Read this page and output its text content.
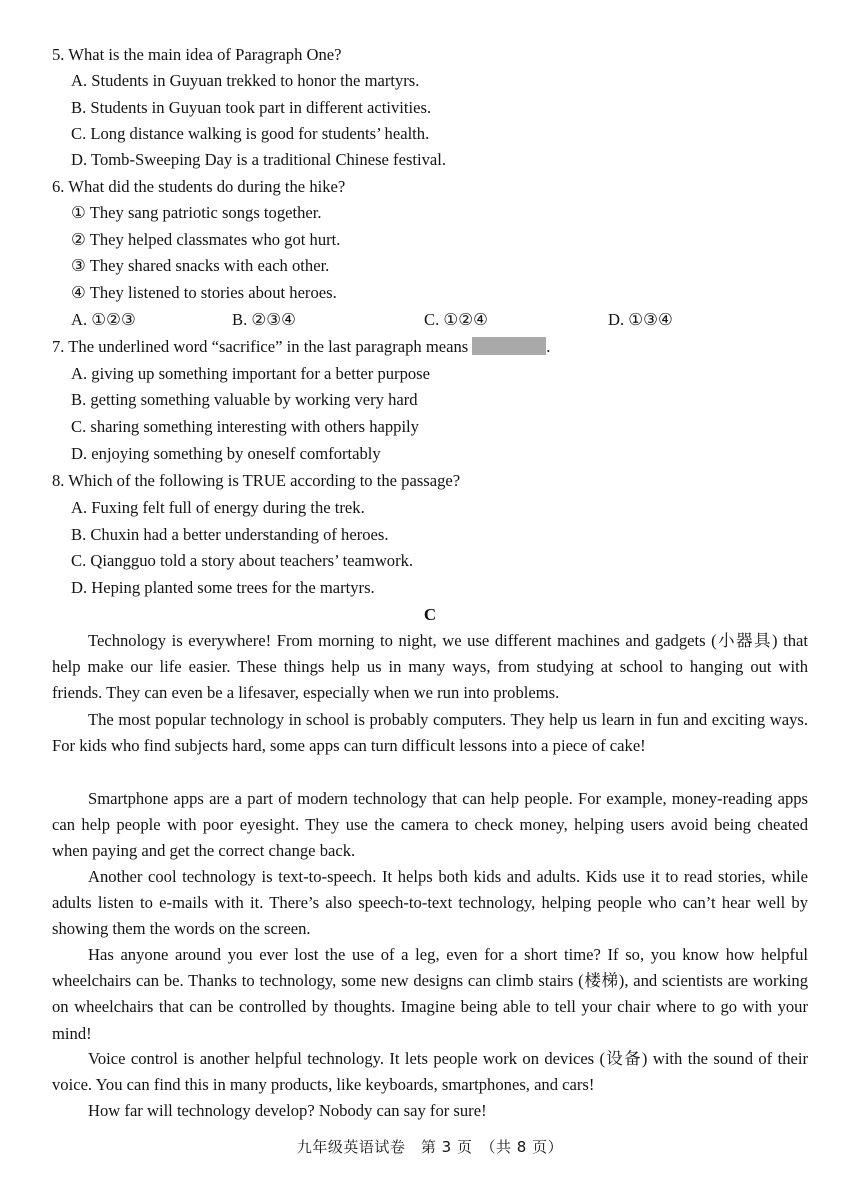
5. What is the main idea of Paragraph One?
A. Students in Guyuan trekked to honor the martyrs.
B. Students in Guyuan took part in different activities.
C. Long distance walking is good for students’ health.
D. Tomb-Sweeping Day is a traditional Chinese festival.
6. What did the students do during the hike?
① They sang patriotic songs together.
② They helped classmates who got hurt.
③ They shared snacks with each other.
④ They listened to stories about heroes.
A. ①②③	B. ②③④	C. ①②④	D. ①③④
7. The underlined word “sacrifice” in the last paragraph means	.
A. giving up something important for a better purpose
B. getting something valuable by working very hard
C. sharing something interesting with others happily
D. enjoying something by oneself comfortably
8. Which of the following is TRUE according to the passage?
A. Fuxing felt full of energy during the trek.
B. Chuxin had a better understanding of heroes.
C. Qiangguo told a story about teachers’ teamwork.
D. Heping planted some trees for the martyrs.
C
Technology is everywhere! From morning to night, we use different machines and gadgets (小器具) that help make our life easier. These things help us in many ways, from studying at school to hanging out with friends. They can even be a lifesaver, especially when we run into problems.
The most popular technology in school is probably computers. They help us learn in fun and exciting ways. For kids who find subjects hard, some apps can turn difficult lessons into a piece of cake!
Smartphone apps are a part of modern technology that can help people. For example, money-reading apps can help people with poor eyesight. They use the camera to check money, helping users avoid being cheated when paying and get the correct change back.
Another cool technology is text-to-speech. It helps both kids and adults. Kids use it to read stories, while adults listen to e-mails with it. There’s also speech-to-text technology, helping people who can’t hear well by showing them the words on the screen.
Has anyone around you ever lost the use of a leg, even for a short time? If so, you know how helpful wheelchairs can be. Thanks to technology, some new designs can climb stairs (楼梯), and scientists are working on wheelchairs that can be controlled by thoughts. Imagine being able to tell your chair where to go with your mind!
Voice control is another helpful technology. It lets people work on devices (设备) with the sound of their voice. You can find this in many products, like keyboards, smartphones, and cars!
How far will technology develop? Nobody can say for sure!
九年级英语试卷　第 3 页　（共 8 页）
